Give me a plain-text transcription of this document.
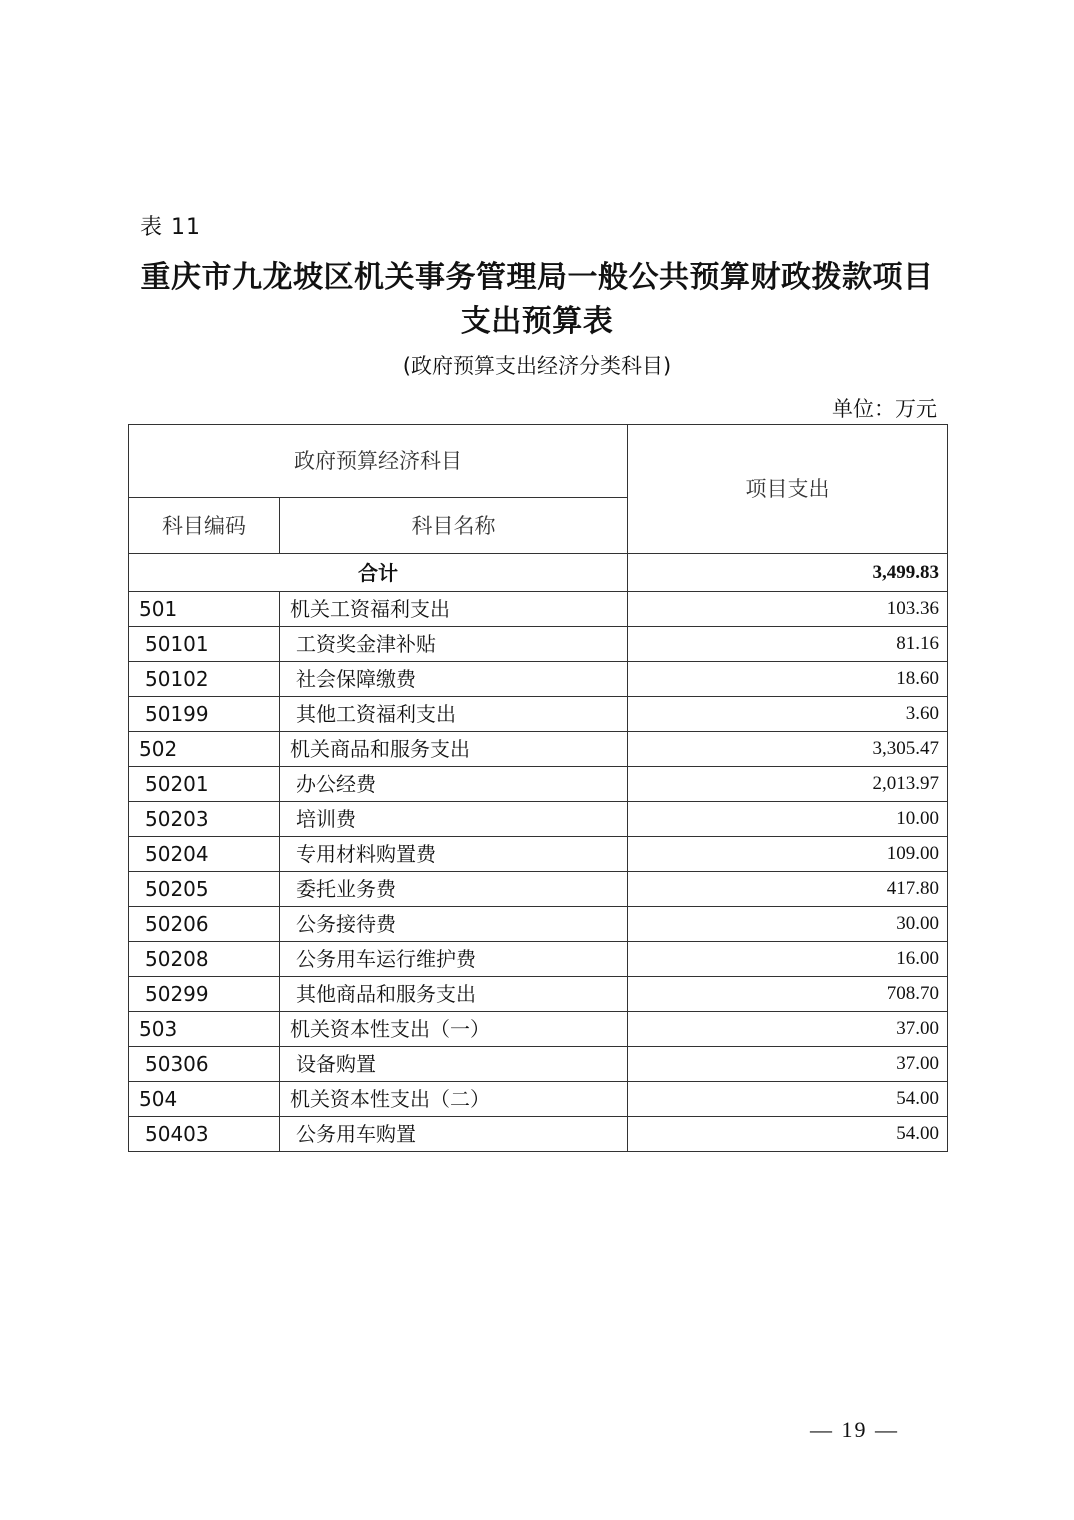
表 11
重庆市九龙坡区机关事务管理局一般公共预算财政拨款项目
支出预算表
(政府预算支出经济分类科目)
单位：万元
政府预算经济科目		项目支出
科目编码	科目名称	
合计		3,499.83
501	机关工资福利支出	103.36
50101	工资奖金津补贴	81.16
50102	社会保障缴费	18.60
50199	其他工资福利支出	3.60
502	机关商品和服务支出	3,305.47
50201	办公经费	2,013.97
50203	培训费	10.00
50204	专用材料购置费	109.00
50205	委托业务费	417.80
50206	公务接待费	30.00
50208	公务用车运行维护费	16.00
50299	其他商品和服务支出	708.70
503	机关资本性支出（一）	37.00
50306	设备购置	37.00
504	机关资本性支出（二）	54.00
50403	公务用车购置	54.00
— 19 —
